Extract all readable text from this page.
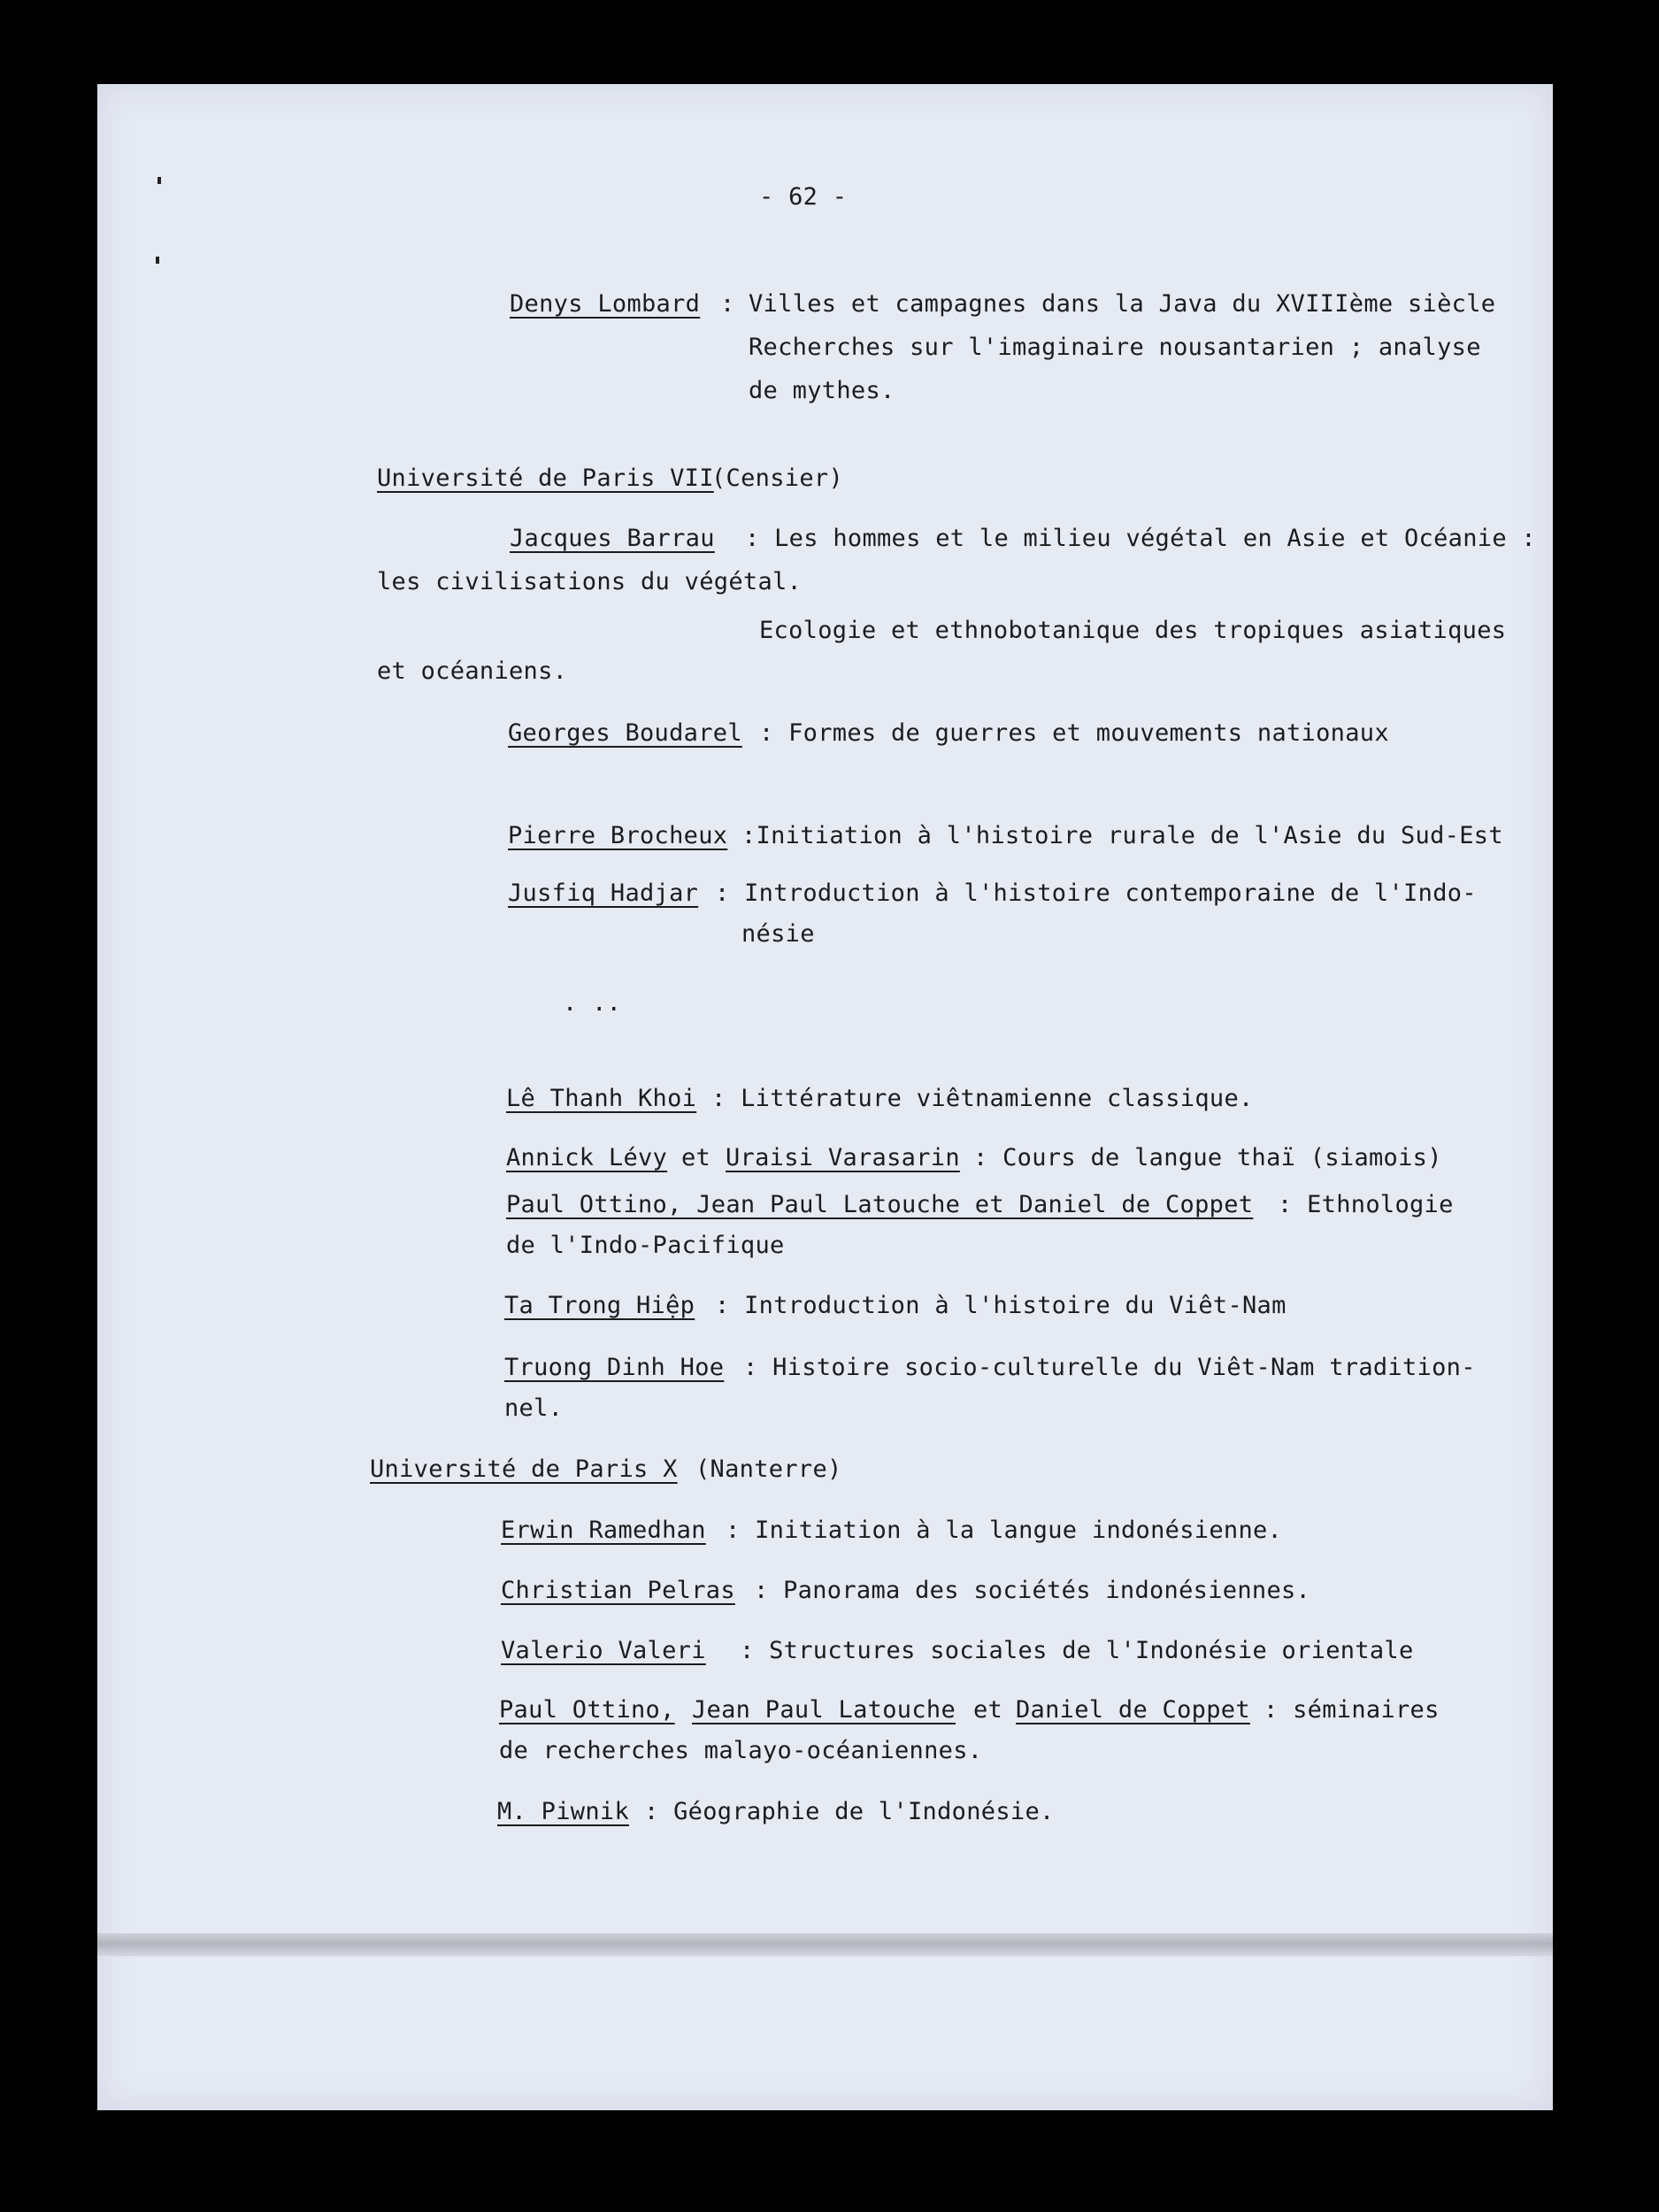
- 62 -
Denys Lombard : Villes et campagnes dans la Java du XVIIIème siècle
Recherches sur l'imaginaire nousantarien ; analyse
de mythes.
Université de Paris VII
(Censier)
Jacques Barrau : Les hommes et le milieu végétal en Asie et Océanie :
les civilisations du végétal.
Ecologie et ethnobotanique des tropiques asiatiques
et océaniens.
Georges Boudarel : Formes de guerres et mouvements nationaux
Pierre Brocheux :Initiation à l'histoire rurale de l'Asie du Sud-Est
Jusfiq Hadjar : Introduction à l'histoire contemporaine de l'Indo-
nésie
. ..
Lê Thanh Khoi : Littérature viêtnamienne classique.
Annick Lévy et Uraisi Varasarin : Cours de langue thaï (siamois)
Paul Ottino, Jean Paul Latouche et Daniel de Coppet : Ethnologie
de l'Indo-Pacifique
Ta Trong Hiệp : Introduction à l'histoire du Viêt-Nam
Truong Dinh Hoe : Histoire socio-culturelle du Viêt-Nam tradition-
nel.
Université de Paris X (Nanterre)
Erwin Ramedhan : Initiation à la langue indonésienne.
Christian Pelras : Panorama des sociétés indonésiennes.
Valerio Valeri : Structures sociales de l'Indonésie orientale
Paul Ottino, Jean Paul Latouche et Daniel de Coppet : séminaires
de recherches malayo-océaniennes.
M. Piwnik : Géographie de l'Indonésie.
